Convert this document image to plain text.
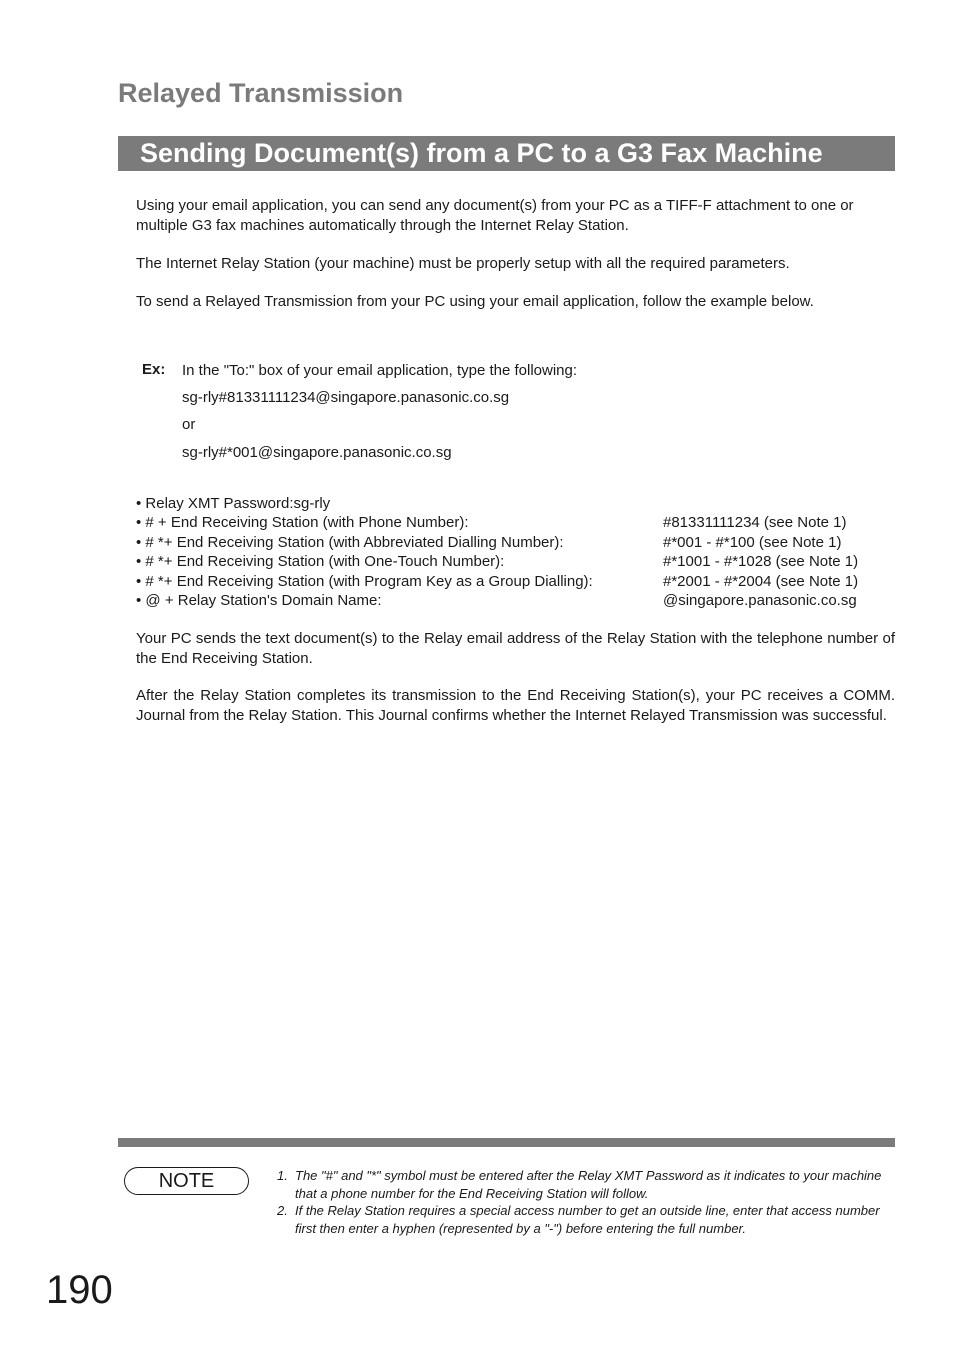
Relayed Transmission
Sending Document(s) from a PC to a G3 Fax Machine

Using your email application, you can send any document(s) from your PC as a TIFF-F attachment to one or multiple G3 fax machines automatically through the Internet Relay Station.

The Internet Relay Station (your machine) must be properly setup with all the required parameters.

To send a Relayed Transmission from your PC using your email application, follow the example below.

Ex: In the "To:" box of your email application, type the following:
sg-rly#81331111234@singapore.panasonic.co.sg
or
sg-rly#*001@singapore.panasonic.co.sg
• Relay XMT Password:sg-rly
• # + End Receiving Station (with Phone Number):	#81331111234 (see Note 1)
• # *+ End Receiving Station (with Abbreviated Dialling Number):	#*001 - #*100 (see Note 1)
• # *+ End Receiving Station (with One-Touch Number):	#*1001 - #*1028 (see Note 1)
• # *+ End Receiving Station (with Program Key as a Group Dialling):	#*2001 - #*2004 (see Note 1)
• @ + Relay Station's Domain Name:	@singapore.panasonic.co.sg

Your PC sends the text document(s) to the Relay email address of the Relay Station with the telephone number of the End Receiving Station.

After the Relay Station completes its transmission to the End Receiving Station(s), your PC receives a COMM. Journal from the Relay Station. This Journal confirms whether the Internet Relayed Transmission was successful.

NOTE	1. The "#" and "*" symbol must be entered after the Relay XMT Password as it indicates to your machine that a phone number for the End Receiving Station will follow.
2. If the Relay Station requires a special access number to get an outside line, enter that access number first then enter a hyphen (represented by a "-") before entering the full number.
190
